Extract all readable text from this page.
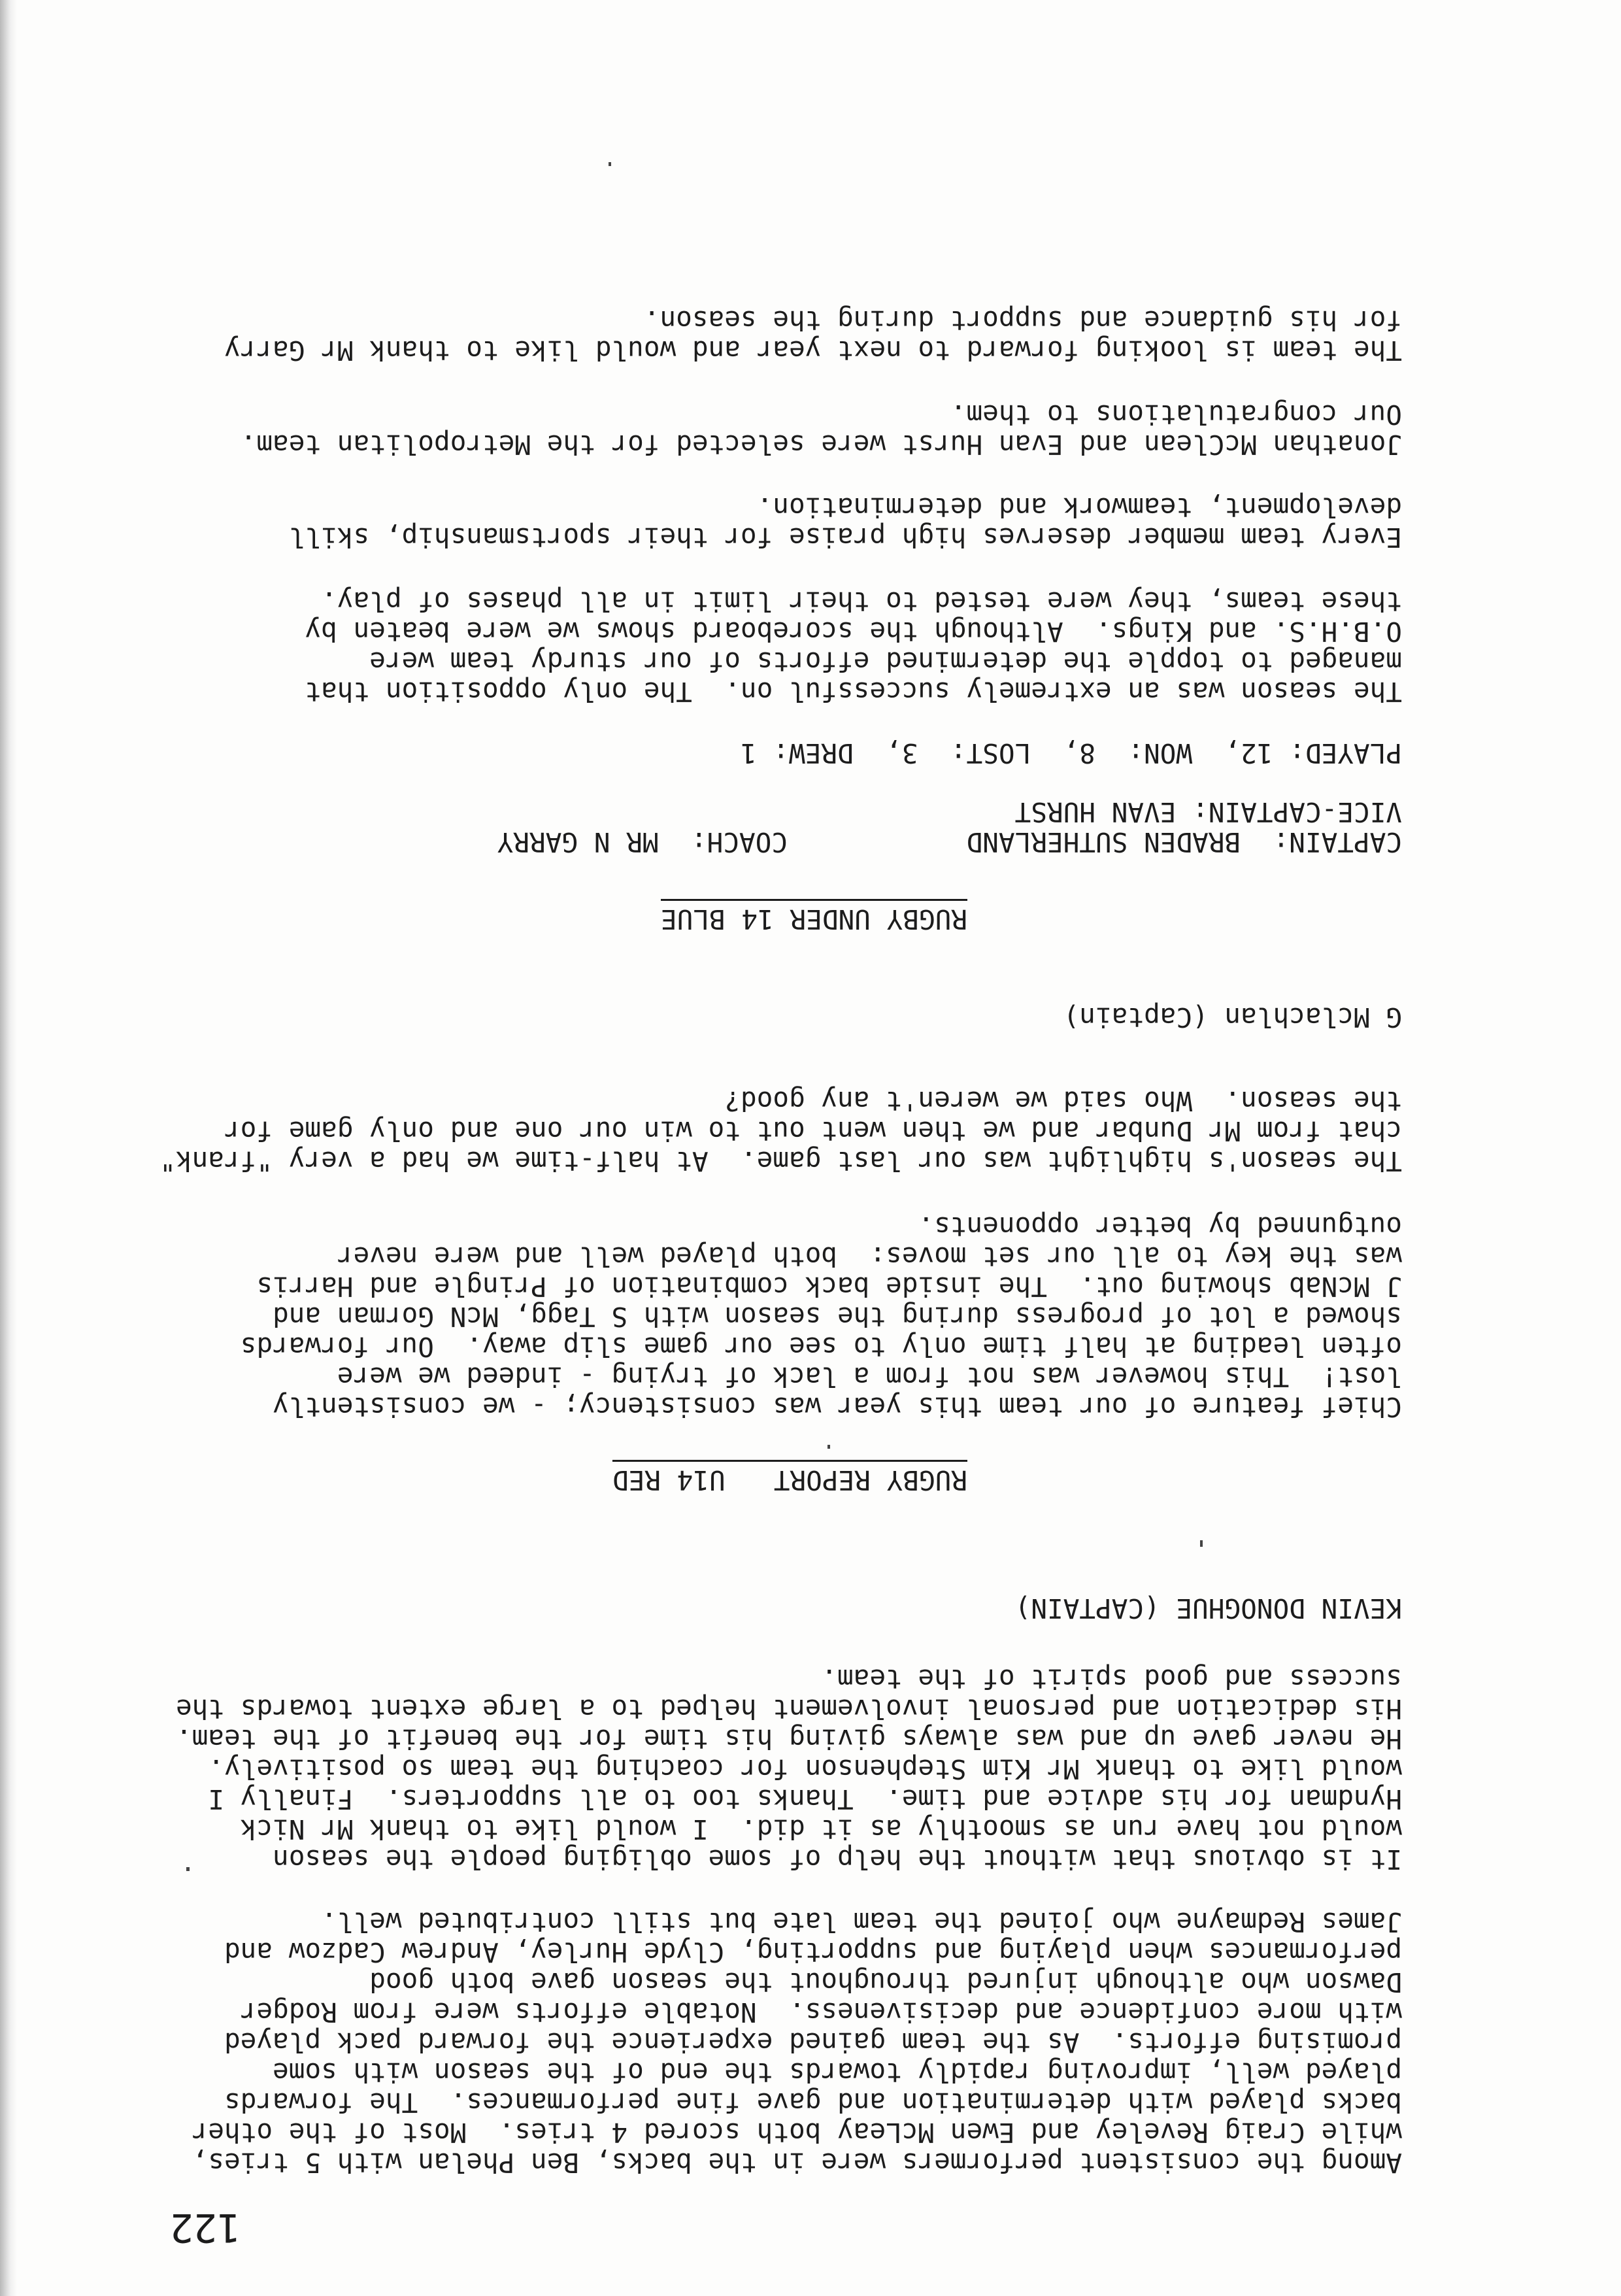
122
Among the consistent performers were in the backs, Ben Phelan with 5 tries,
while Craig Reveley and Ewen McLeay both scored 4 tries.  Most of the other
backs played with determination and gave fine performances.  The forwards
played well, improving rapidly towards the end of the season with some
promising efforts.  As the team gained experience the forward pack played
with more confidence and decisiveness.  Notable efforts were from Rodger
Dawson who although injured throughout the season gave both good
performances when playing and supporting, Clyde Hurley, Andrew Cadzow and
James Redmayne who joined the team late but still contributed well.
It is obvious that without the help of some obliging people the season
would not have run as smoothly as it did.  I would like to thank Mr Nick
Hyndman for his advice and time.  Thanks too to all supporters.  Finally I
would like to thank Mr Kim Stephenson for coaching the team so positively.
He never gave up and was always giving his time for the benefit of the team.
His dedication and personal involvement helped to a large extent towards the
success and good spirit of the team.
KEVIN DONOGHUE (CAPTAIN)
RUGBY REPORT   U14 RED
Chief feature of our team this year was consistency; - we consistently
lost!  This however was not from a lack of trying - indeed we were
often leading at half time only to see our game slip away.  Our forwards
showed a lot of progress during the season with S Tagg, McN Gorman and
J McNab showing out.  The inside back combination of Pringle and Harris
was the key to all our set moves:  both played well and were never
outgunned by better opponents.
The season's highlight was our last game.  At half-time we had a very "frank"
chat from Mr Dunbar and we then went out to win our one and only game for
the season.  Who said we weren't any good?
G Mclachlan (Captain)
RUGBY UNDER 14 BLUE
CAPTAIN:  BRADEN SUTHERLAND
COACH:  MR N GARRY
VICE-CAPTAIN: EVAN HURST
PLAYED: 12,  WON:  8,  LOST:  3,  DREW: 1
The season was an extremely successful on.  The only opposition that
managed to topple the determined efforts of our sturdy team were
O.B.H.S. and Kings.  Although the scoreboard shows we were beaten by
these teams, they were tested to their limit in all phases of play.
Every team member deserves high praise for their sportsmanship, skill
development, teamwork and determination.
Jonathan McClean and Evan Hurst were selected for the Metropolitan team.
Our congratulations to them.
The team is looking forward to next year and would like to thank Mr Garry
for his guidance and support during the season.
